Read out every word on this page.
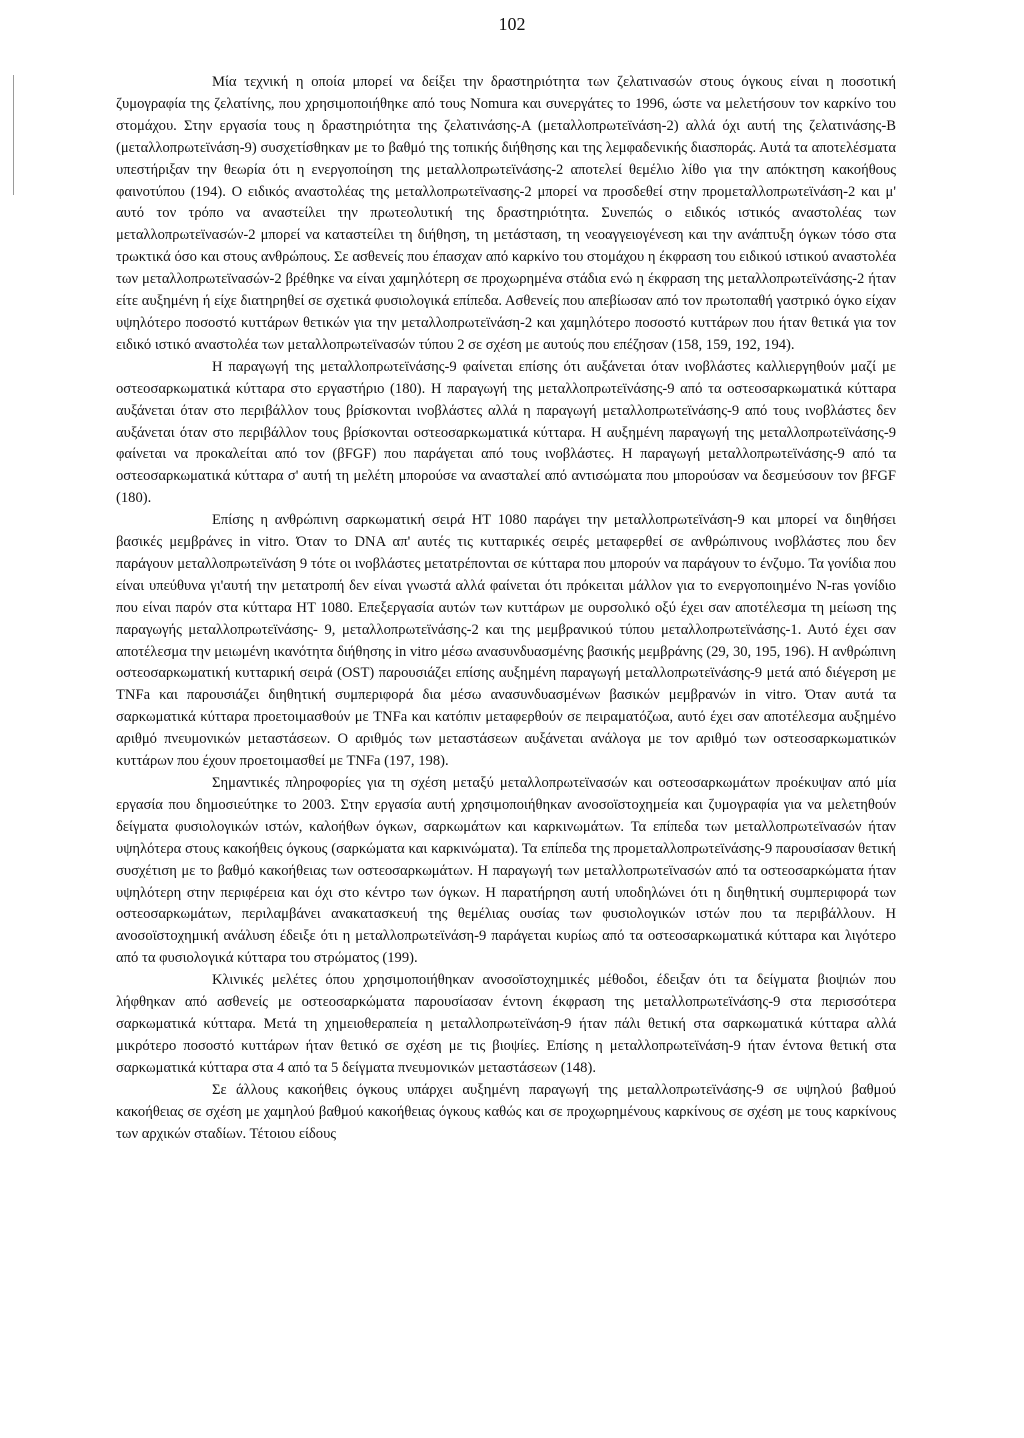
102

Μία τεχνική η οποία μπορεί να δείξει την δραστηριότητα των ζελατινασών στους όγκους είναι η ποσοτική ζυμογραφία της ζελατίνης, που χρησιμοποιήθηκε από τους Nomura και συνεργάτες το 1996, ώστε να μελετήσουν τον καρκίνο του στομάχου. Στην εργασία τους η δραστηριότητα της ζελατινάσης-Α (μεταλλοπρωτεϊνάση-2) αλλά όχι αυτή της ζελατινάσης-Β (μεταλλοπρωτεϊνάση-9) συσχετίσθηκαν με το βαθμό της τοπικής διήθησης και της λεμφαδενικής διασποράς. Αυτά τα αποτελέσματα υπεστήριξαν την θεωρία ότι η ενεργοποίηση της μεταλλοπρωτεϊνάσης-2 αποτελεί θεμέλιο λίθο για την απόκτηση κακοήθους φαινοτύπου (194). Ο ειδικός αναστολέας της μεταλλοπρωτεϊνασης-2 μπορεί να προσδεθεί στην προμεταλλοπρωτεϊνάση-2 και μ' αυτό τον τρόπο να αναστείλει την πρωτεολυτική της δραστηριότητα. Συνεπώς ο ειδικός ιστικός αναστολέας των μεταλλοπρωτεϊνασών-2 μπορεί να καταστείλει τη διήθηση, τη μετάσταση, τη νεοαγγειογένεση και την ανάπτυξη όγκων τόσο στα τρωκτικά όσο και στους ανθρώπους. Σε ασθενείς που έπασχαν από καρκίνο του στομάχου η έκφραση του ειδικού ιστικού αναστολέα των μεταλλοπρωτεϊνασών-2 βρέθηκε να είναι χαμηλότερη σε προχωρημένα στάδια ενώ η έκφραση της μεταλλοπρωτεϊνάσης-2 ήταν είτε αυξημένη ή είχε διατηρηθεί σε σχετικά φυσιολογικά επίπεδα. Ασθενείς που απεβίωσαν από τον πρωτοπαθή γαστρικό όγκο είχαν υψηλότερο ποσοστό κυττάρων θετικών για την μεταλλοπρωτεϊνάση-2 και χαμηλότερο ποσοστό κυττάρων που ήταν θετικά για τον ειδικό ιστικό αναστολέα των μεταλλοπρωτεϊνασών τύπου 2 σε σχέση με αυτούς που επέζησαν (158, 159, 192, 194).

Η παραγωγή της μεταλλοπρωτεϊνάσης-9 φαίνεται επίσης ότι αυξάνεται όταν ινοβλάστες καλλιεργηθούν μαζί με οστεοσαρκωματικά κύτταρα στο εργαστήριο (180). Η παραγωγή της μεταλλοπρωτεϊνάσης-9 από τα οστεοσαρκωματικά κύτταρα αυξάνεται όταν στο περιβάλλον τους βρίσκονται ινοβλάστες αλλά η παραγωγή μεταλλοπρωτεϊνάσης-9 από τους ινοβλάστες δεν αυξάνεται όταν στο περιβάλλον τους βρίσκονται οστεοσαρκωματικά κύτταρα. Η αυξημένη παραγωγή της μεταλλοπρωτεϊνάσης-9 φαίνεται να προκαλείται από τον (βFGF) που παράγεται από τους ινοβλάστες. Η παραγωγή μεταλλοπρωτεϊνάσης-9 από τα οστεοσαρκωματικά κύτταρα σ' αυτή τη μελέτη μπορούσε να ανασταλεί από αντισώματα που μπορούσαν να δεσμεύσουν τον βFGF (180).

Επίσης η ανθρώπινη σαρκωματική σειρά HT 1080 παράγει την μεταλλοπρωτεϊνάση-9 και μπορεί να διηθήσει βασικές μεμβράνες in vitro. Όταν το DNA απ' αυτές τις κυτταρικές σειρές μεταφερθεί σε ανθρώπινους ινοβλάστες που δεν παράγουν μεταλλοπρωτεϊνάση 9 τότε οι ινοβλάστες μετατρέπονται σε κύτταρα που μπορούν να παράγουν το ένζυμο. Τα γονίδια που είναι υπεύθυνα γι'αυτή την μετατροπή δεν είναι γνωστά αλλά φαίνεται ότι πρόκειται μάλλον για το ενεργοποιημένο N-ras γονίδιο που είναι παρόν στα κύτταρα HT 1080. Επεξεργασία αυτών των κυττάρων με ουρσολικό οξύ έχει σαν αποτέλεσμα τη μείωση της παραγωγής μεταλλοπρωτεϊνάσης- 9, μεταλλοπρωτεϊνάσης-2 και της μεμβρανικού τύπου μεταλλοπρωτεϊνάσης-1. Αυτό έχει σαν αποτέλεσμα την μειωμένη ικανότητα διήθησης in vitro μέσω ανασυνδυασμένης βασικής μεμβράνης (29, 30, 195, 196). Η ανθρώπινη οστεοσαρκωματική κυτταρική σειρά (OST) παρουσιάζει επίσης αυξημένη παραγωγή μεταλλοπρωτεϊνάσης-9 μετά από διέγερση με TNFa και παρουσιάζει διηθητική συμπεριφορά δια μέσω ανασυνδυασμένων βασικών μεμβρανών in vitro. Όταν αυτά τα σαρκωματικά κύτταρα προετοιμασθούν με TNFa και κατόπιν μεταφερθούν σε πειραματόζωα, αυτό έχει σαν αποτέλεσμα αυξημένο αριθμό πνευμονικών μεταστάσεων. Ο αριθμός των μεταστάσεων αυξάνεται ανάλογα με τον αριθμό των οστεοσαρκωματικών κυττάρων που έχουν προετοιμασθεί με TNFa (197, 198).

Σημαντικές πληροφορίες για τη σχέση μεταξύ μεταλλοπρωτεϊνασών και οστεοσαρκωμάτων προέκυψαν από μία εργασία που δημοσιεύτηκε το 2003. Στην εργασία αυτή χρησιμοποιήθηκαν ανοσοϊστοχημεία και ζυμογραφία για να μελετηθούν δείγματα φυσιολογικών ιστών, καλοήθων όγκων, σαρκωμάτων και καρκινωμάτων. Τα επίπεδα των μεταλλοπρωτεϊνασών ήταν υψηλότερα στους κακοήθεις όγκους (σαρκώματα και καρκινώματα). Τα επίπεδα της προμεταλλοπρωτεϊνάσης-9 παρουσίασαν θετική συσχέτιση με το βαθμό κακοήθειας των οστεοσαρκωμάτων. Η παραγωγή των μεταλλοπρωτεϊνασών από τα οστεοσαρκώματα ήταν υψηλότερη στην περιφέρεια και όχι στο κέντρο των όγκων. Η παρατήρηση αυτή υποδηλώνει ότι η διηθητική συμπεριφορά των οστεοσαρκωμάτων, περιλαμβάνει ανακατασκευή της θεμέλιας ουσίας των φυσιολογικών ιστών που τα περιβάλλουν. Η ανοσοϊστοχημική ανάλυση έδειξε ότι η μεταλλοπρωτεϊνάση-9 παράγεται κυρίως από τα οστεοσαρκωματικά κύτταρα και λιγότερο από τα φυσιολογικά κύτταρα του στρώματος (199).

Κλινικές μελέτες όπου χρησιμοποιήθηκαν ανοσοϊστοχημικές μέθοδοι, έδειξαν ότι τα δείγματα βιοψιών που λήφθηκαν από ασθενείς με οστεοσαρκώματα παρουσίασαν έντονη έκφραση της μεταλλοπρωτεϊνάσης-9 στα περισσότερα σαρκωματικά κύτταρα. Μετά τη χημειοθεραπεία η μεταλλοπρωτεϊνάση-9 ήταν πάλι θετική στα σαρκωματικά κύτταρα αλλά μικρότερο ποσοστό κυττάρων ήταν θετικό σε σχέση με τις βιοψίες. Επίσης η μεταλλοπρωτεϊνάση-9 ήταν έντονα θετική στα σαρκωματικά κύτταρα στα 4 από τα 5 δείγματα πνευμονικών μεταστάσεων (148).

Σε άλλους κακοήθεις όγκους υπάρχει αυξημένη παραγωγή της μεταλλοπρωτεϊνάσης-9 σε υψηλού βαθμού κακοήθειας σε σχέση με χαμηλού βαθμού κακοήθειας όγκους καθώς και σε προχωρημένους καρκίνους σε σχέση με τους καρκίνους των αρχικών σταδίων. Τέτοιου είδους
